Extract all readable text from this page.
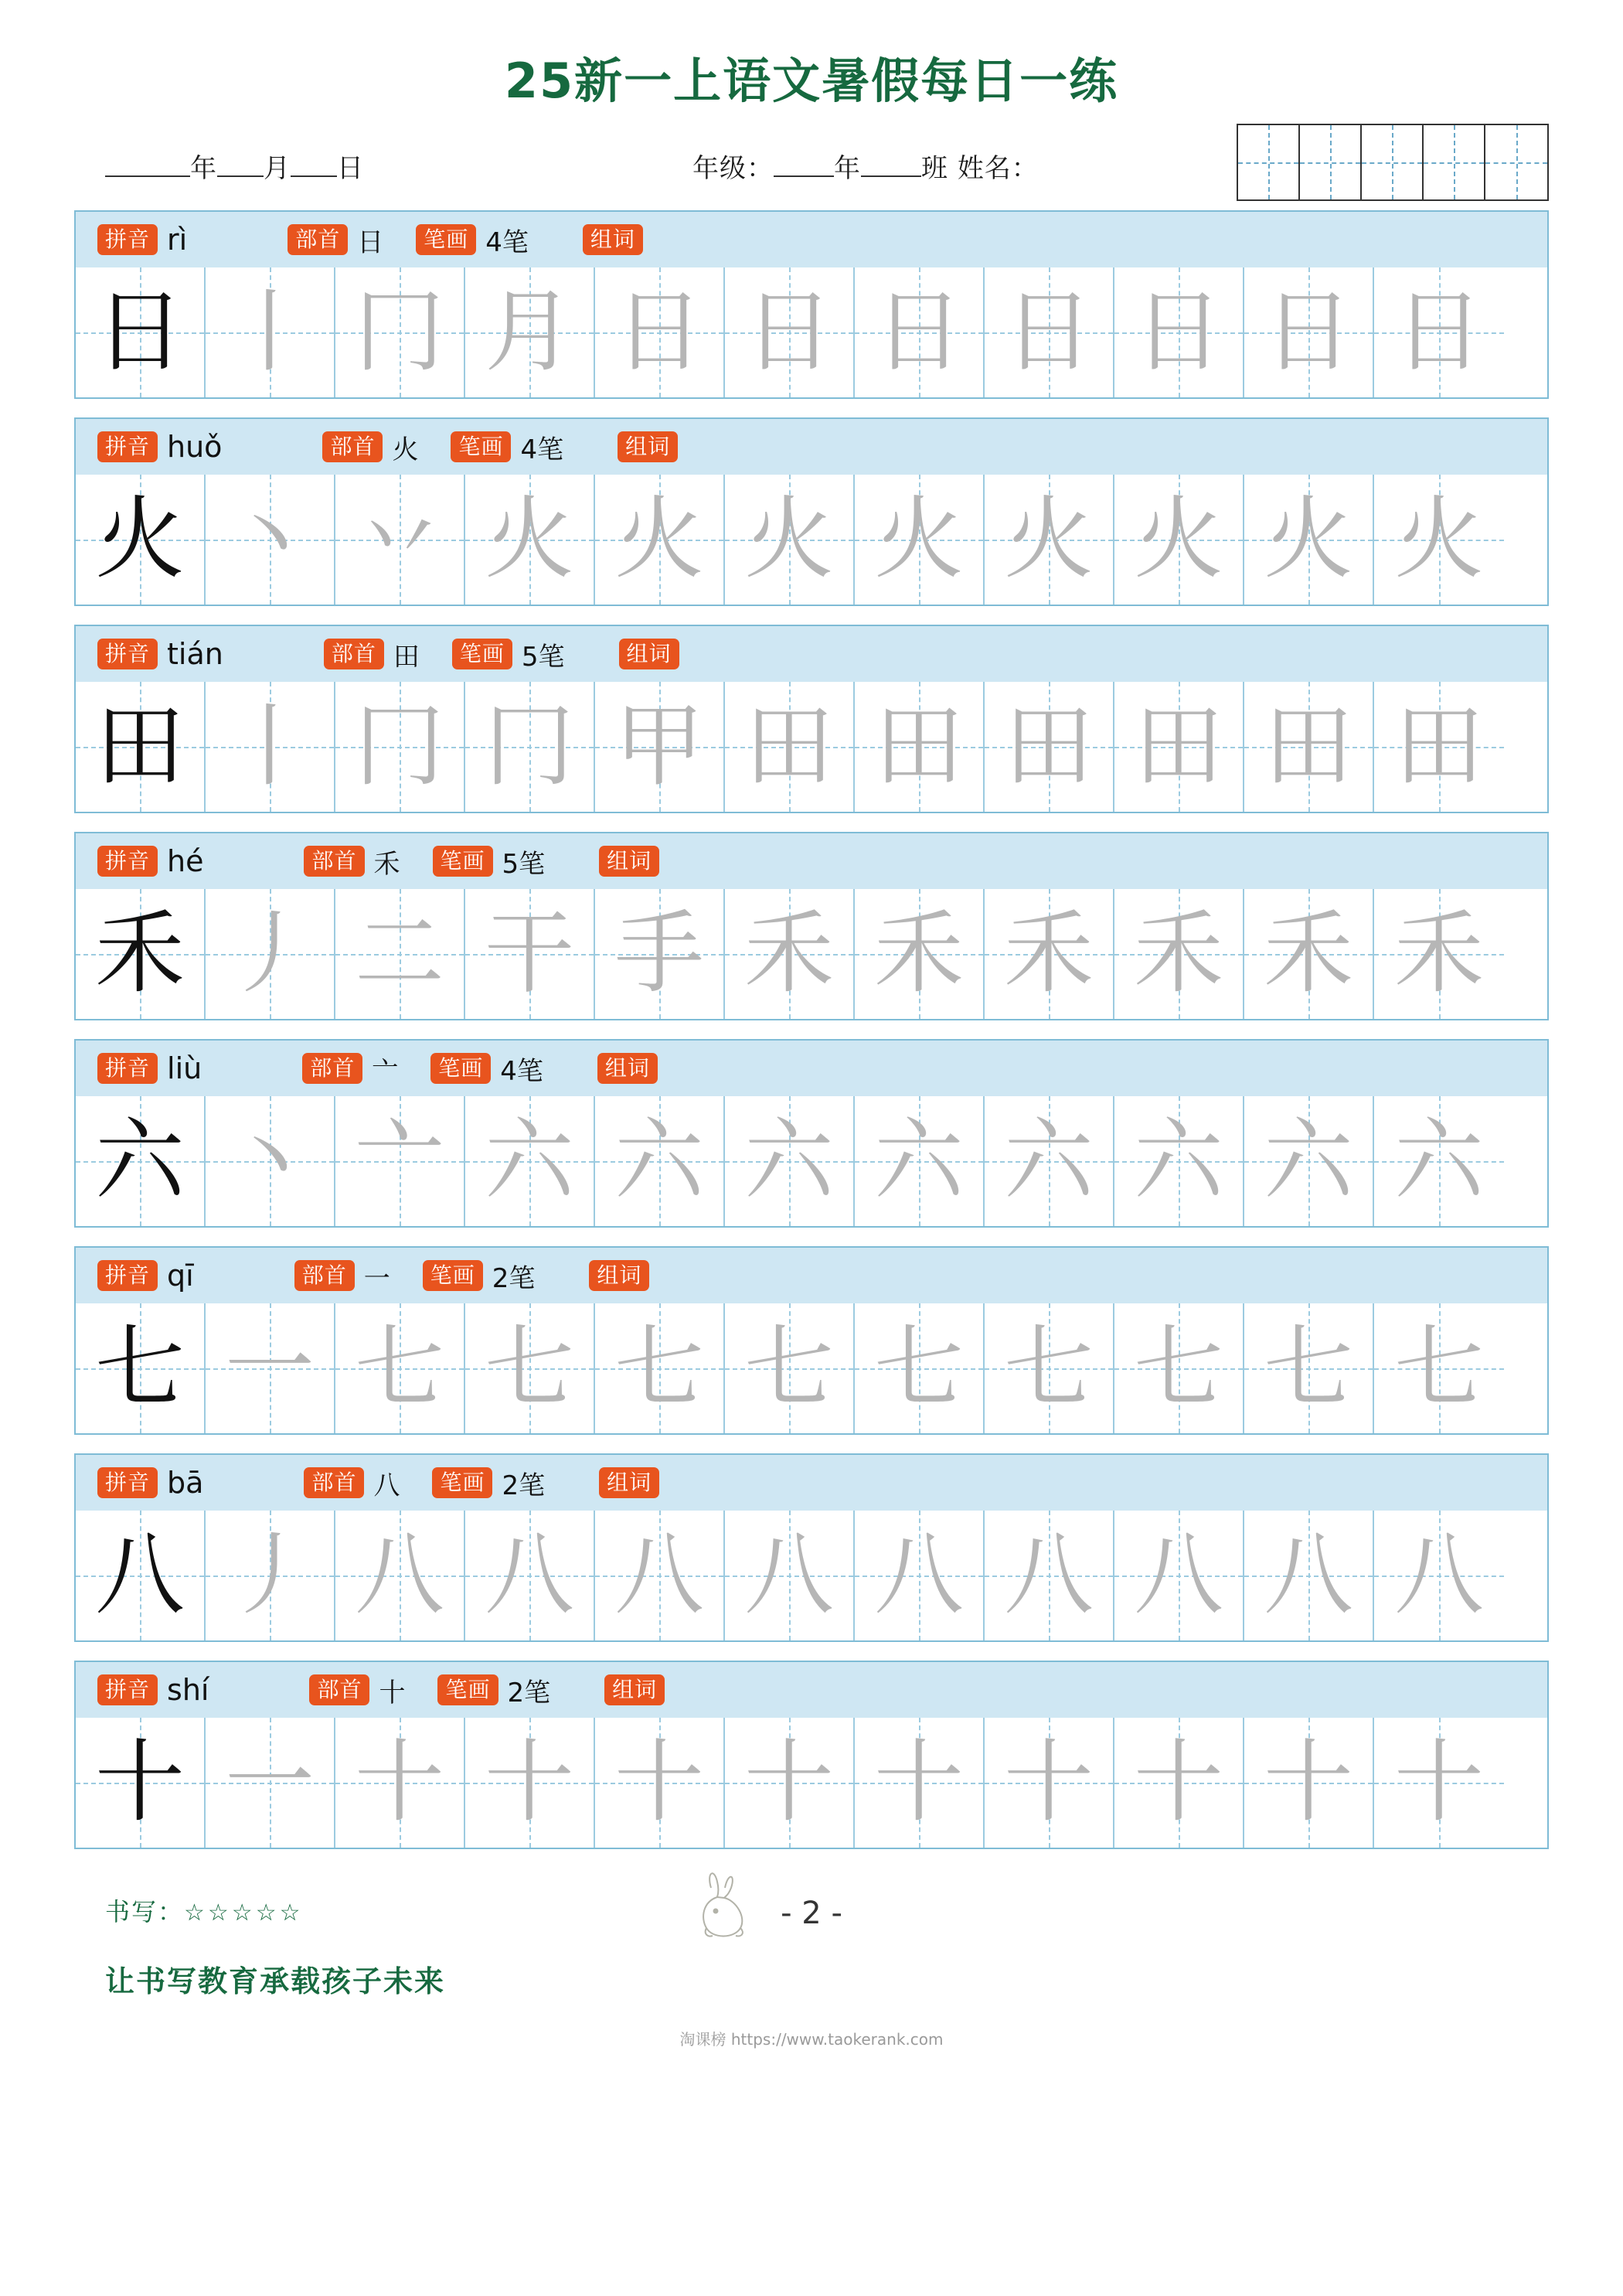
25新一上语文暑假每日一练
年 月 日	年级： 年 班 姓名：
拼音 rì	部首 日	笔画 4笔	组词
日 丨 冂 月 日 日 日 日 日 日 日
拼音 huǒ	部首 火	笔画 4笔	组词
火 丶 丷 火 火 火 火 火 火 火 火
拼音 tián	部首 田	笔画 5笔	组词
田 丨 冂 冂 甲 田 田 田 田 田 田
拼音 hé	部首 禾	笔画 5笔	组词
禾 丿 二 干 手 禾 禾 禾 禾 禾 禾
拼音 liù	部首 亠	笔画 4笔	组词
六 丶 亠 六 六 六 六 六 六 六 六
拼音 qī	部首 一	笔画 2笔	组词
七 一 七 七 七 七 七 七 七 七 七
拼音 bā	部首 八	笔画 2笔	组词
八 丿 八 八 八 八 八 八 八 八 八
拼音 shí	部首 十	笔画 2笔	组词
十 一 十 十 十 十 十 十 十 十 十
书写：☆☆☆☆☆
让书写教育承载孩子未来
- 2 -
淘课榜 https://www.taokerank.com
